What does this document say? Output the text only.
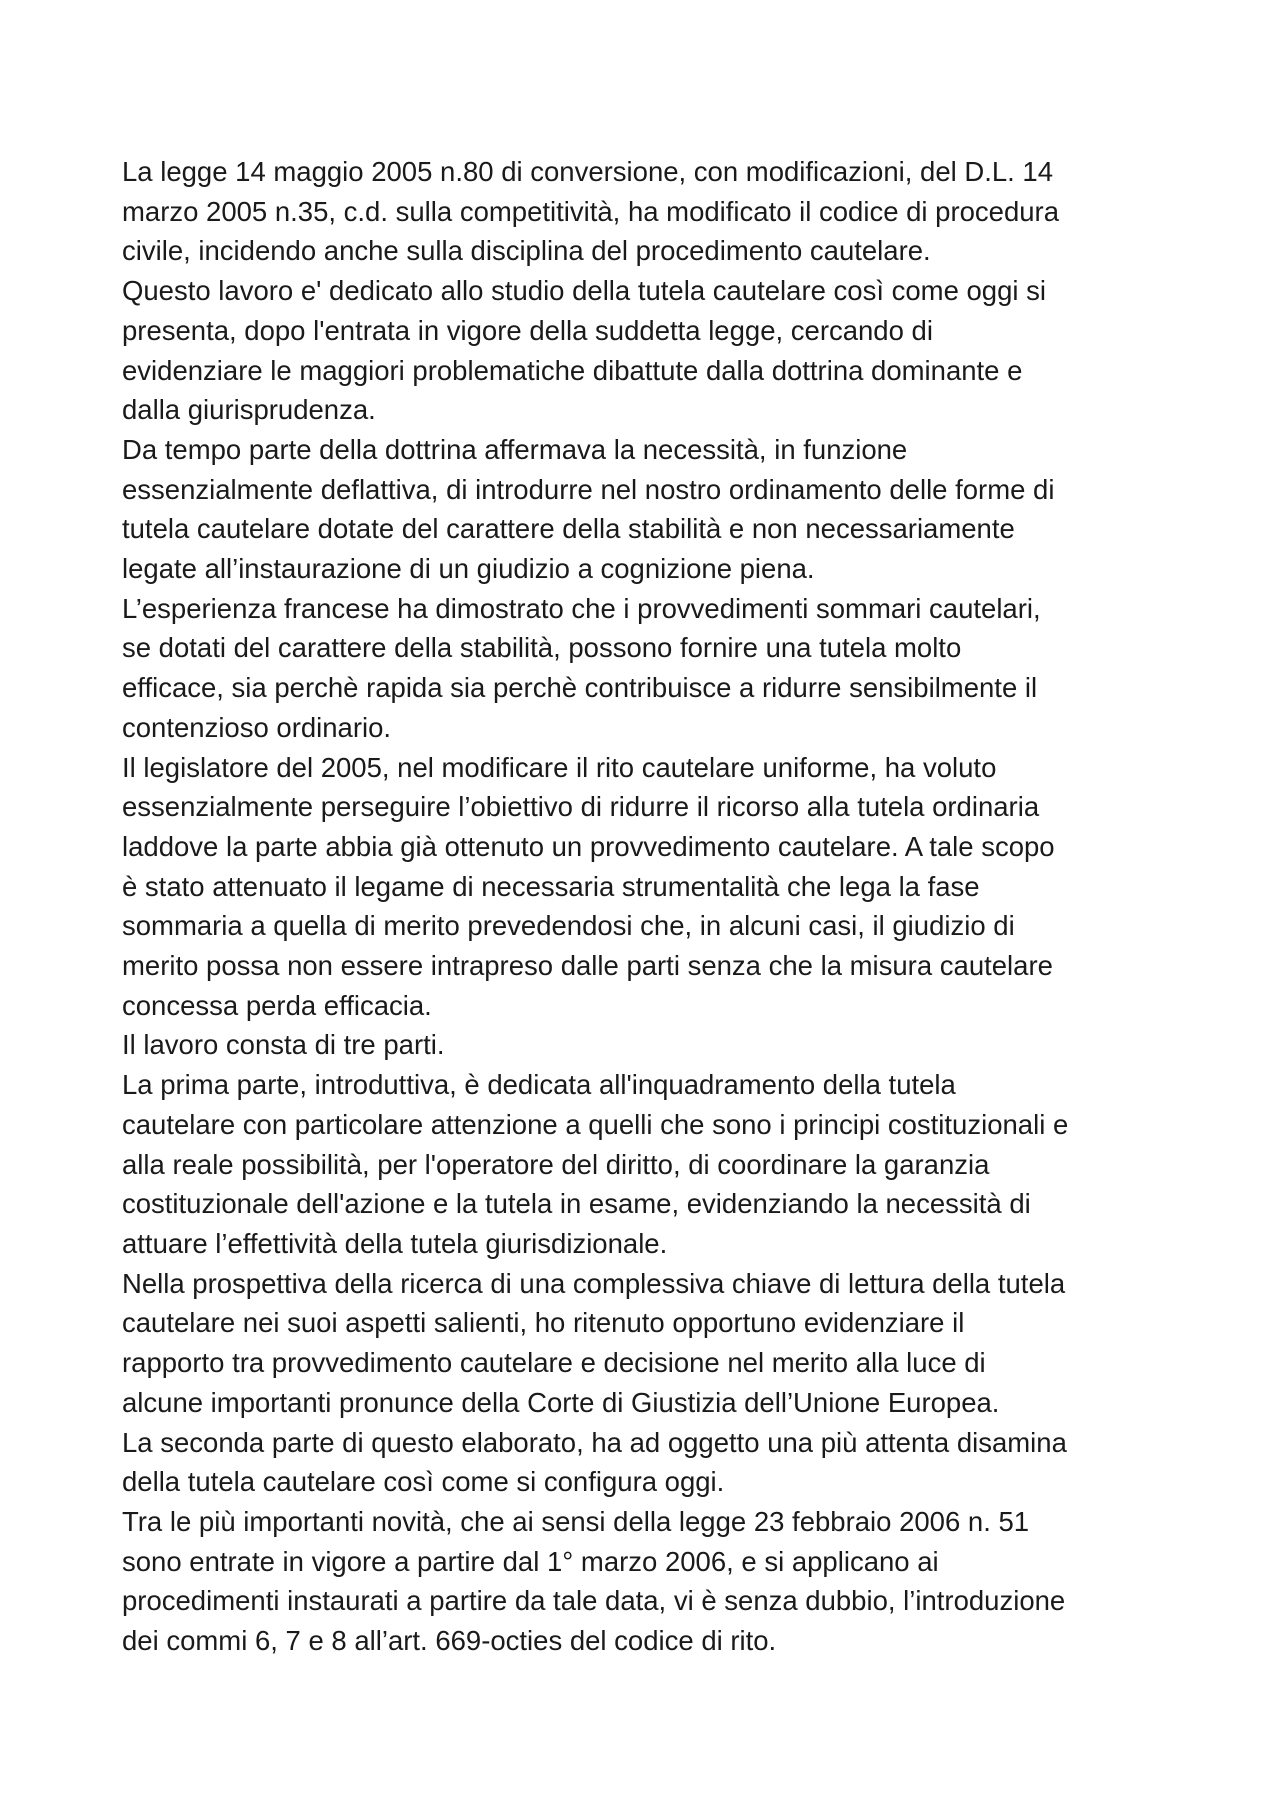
La legge 14 maggio 2005 n.80 di conversione, con modificazioni, del D.L. 14
marzo 2005 n.35, c.d. sulla competitività, ha modificato il codice di procedura
civile, incidendo anche sulla disciplina del procedimento cautelare.
Questo lavoro e' dedicato allo studio della tutela cautelare così come oggi si
presenta, dopo l'entrata in vigore della suddetta legge, cercando di
evidenziare le maggiori problematiche dibattute dalla dottrina dominante e
dalla giurisprudenza.
Da tempo parte della dottrina affermava la necessità, in funzione
essenzialmente deflattiva, di introdurre nel nostro ordinamento delle forme di
tutela cautelare dotate del carattere della stabilità e non necessariamente
legate all’instaurazione di un giudizio a cognizione piena.
L’esperienza francese ha dimostrato che i provvedimenti sommari cautelari,
se dotati del carattere della stabilità, possono fornire una tutela molto
efficace, sia perchè rapida sia perchè contribuisce a ridurre sensibilmente il
contenzioso ordinario.
Il legislatore del 2005, nel modificare il rito cautelare uniforme, ha voluto
essenzialmente perseguire l’obiettivo di ridurre il ricorso alla tutela ordinaria
laddove la parte abbia già ottenuto un provvedimento cautelare. A tale scopo
è stato attenuato il legame di necessaria strumentalità che lega la fase
sommaria a quella di merito prevedendosi che, in alcuni casi, il giudizio di
merito possa non essere intrapreso dalle parti senza che la misura cautelare
concessa perda efficacia.
Il lavoro consta di tre parti.
La prima parte, introduttiva, è dedicata all'inquadramento della tutela
cautelare con particolare attenzione a quelli che sono i principi costituzionali e
alla reale possibilità, per l'operatore del diritto, di coordinare la garanzia
costituzionale dell'azione e la tutela in esame, evidenziando la necessità di
attuare l’effettività della tutela giurisdizionale.
Nella prospettiva della ricerca di una complessiva chiave di lettura della tutela
cautelare nei suoi aspetti salienti, ho ritenuto opportuno evidenziare il
rapporto tra provvedimento cautelare e decisione nel merito alla luce di
alcune importanti pronunce della Corte di Giustizia dell’Unione Europea.
La seconda parte di questo elaborato, ha ad oggetto una più attenta disamina
della tutela cautelare così come si configura oggi.
Tra le più importanti novità, che ai sensi della legge 23 febbraio 2006 n. 51
sono entrate in vigore a partire dal 1° marzo 2006, e si applicano ai
procedimenti instaurati a partire da tale data, vi è senza dubbio, l’introduzione
dei commi 6, 7 e 8 all’art. 669-octies del codice di rito.
